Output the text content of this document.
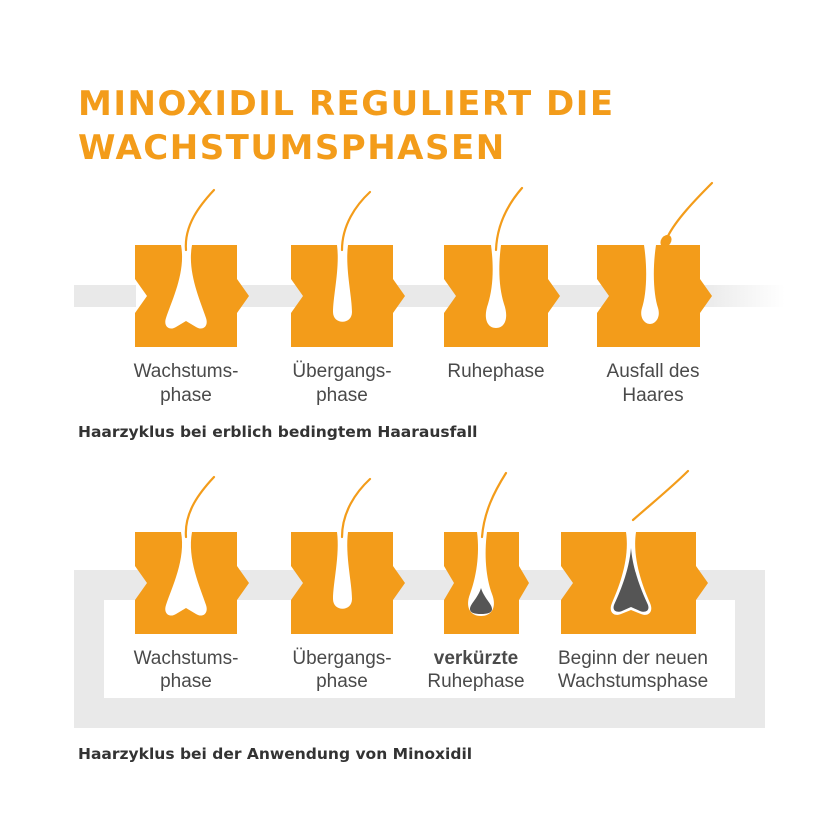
MINOXIDIL REGULIERT DIE
WACHSTUMSPHASEN
Wachstums-
phase
Übergangs-
phase
Ruhephase	Ausfall des
Haares
Haarzyklus bei erblich bedingtem Haarausfall
Wachstums-
phase
Übergangs-
phase
verkürzte
Ruhephase
Beginn der neuen
Wachstumsphase
Haarzyklus bei der Anwendung von Minoxidil
